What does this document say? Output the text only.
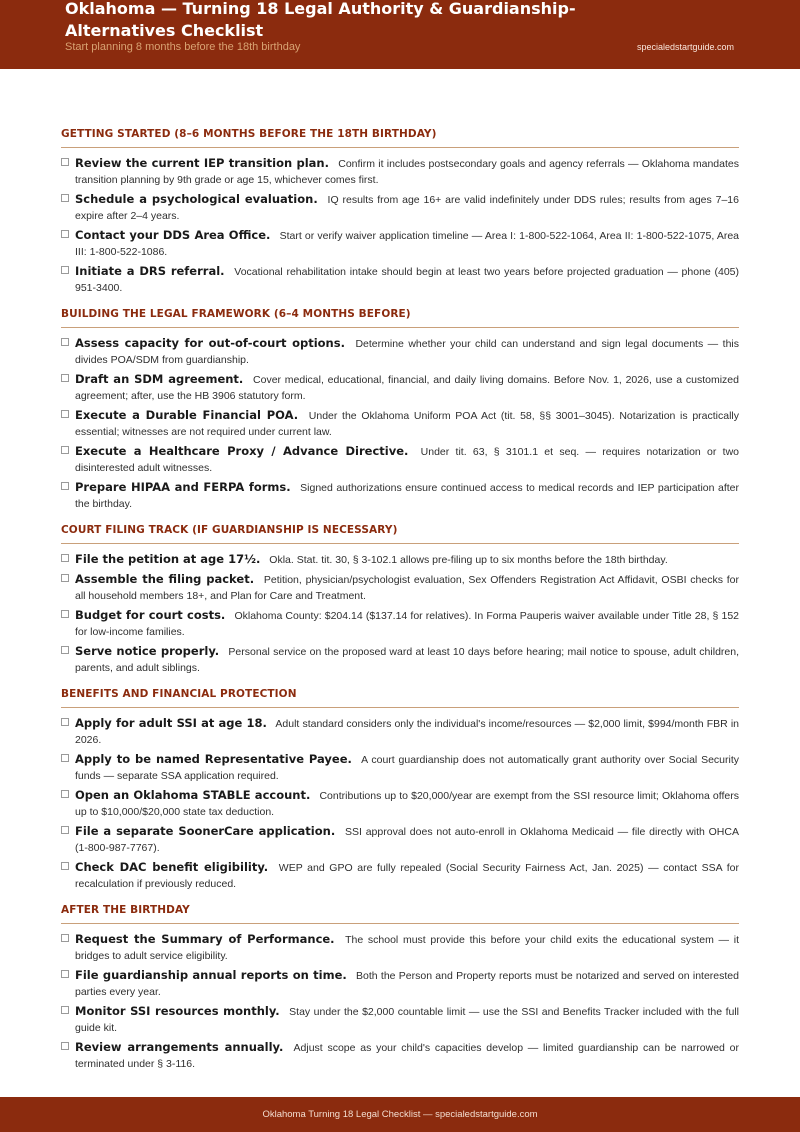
Oklahoma — Turning 18 Legal Authority & Guardianship-Alternatives Checklist
Start planning 8 months before the 18th birthday	specialedstartguide.com
GETTING STARTED (8–6 MONTHS BEFORE THE 18TH BIRTHDAY)
Review the current IEP transition plan. Confirm it includes postsecondary goals and agency referrals — Oklahoma mandates transition planning by 9th grade or age 15, whichever comes first.
Schedule a psychological evaluation. IQ results from age 16+ are valid indefinitely under DDS rules; results from ages 7–16 expire after 2–4 years.
Contact your DDS Area Office. Start or verify waiver application timeline — Area I: 1-800-522-1064, Area II: 1-800-522-1075, Area III: 1-800-522-1086.
Initiate a DRS referral. Vocational rehabilitation intake should begin at least two years before projected graduation — phone (405) 951-3400.
BUILDING THE LEGAL FRAMEWORK (6–4 MONTHS BEFORE)
Assess capacity for out-of-court options. Determine whether your child can understand and sign legal documents — this divides POA/SDM from guardianship.
Draft an SDM agreement. Cover medical, educational, financial, and daily living domains. Before Nov. 1, 2026, use a customized agreement; after, use the HB 3906 statutory form.
Execute a Durable Financial POA. Under the Oklahoma Uniform POA Act (tit. 58, §§ 3001–3045). Notarization is practically essential; witnesses are not required under current law.
Execute a Healthcare Proxy / Advance Directive. Under tit. 63, § 3101.1 et seq. — requires notarization or two disinterested adult witnesses.
Prepare HIPAA and FERPA forms. Signed authorizations ensure continued access to medical records and IEP participation after the birthday.
COURT FILING TRACK (IF GUARDIANSHIP IS NECESSARY)
File the petition at age 17½. Okla. Stat. tit. 30, § 3-102.1 allows pre-filing up to six months before the 18th birthday.
Assemble the filing packet. Petition, physician/psychologist evaluation, Sex Offenders Registration Act Affidavit, OSBI checks for all household members 18+, and Plan for Care and Treatment.
Budget for court costs. Oklahoma County: $204.14 ($137.14 for relatives). In Forma Pauperis waiver available under Title 28, § 152 for low-income families.
Serve notice properly. Personal service on the proposed ward at least 10 days before hearing; mail notice to spouse, adult children, parents, and adult siblings.
BENEFITS AND FINANCIAL PROTECTION
Apply for adult SSI at age 18. Adult standard considers only the individual's income/resources — $2,000 limit, $994/month FBR in 2026.
Apply to be named Representative Payee. A court guardianship does not automatically grant authority over Social Security funds — separate SSA application required.
Open an Oklahoma STABLE account. Contributions up to $20,000/year are exempt from the SSI resource limit; Oklahoma offers up to $10,000/$20,000 state tax deduction.
File a separate SoonerCare application. SSI approval does not auto-enroll in Oklahoma Medicaid — file directly with OHCA (1-800-987-7767).
Check DAC benefit eligibility. WEP and GPO are fully repealed (Social Security Fairness Act, Jan. 2025) — contact SSA for recalculation if previously reduced.
AFTER THE BIRTHDAY
Request the Summary of Performance. The school must provide this before your child exits the educational system — it bridges to adult service eligibility.
File guardianship annual reports on time. Both the Person and Property reports must be notarized and served on interested parties every year.
Monitor SSI resources monthly. Stay under the $2,000 countable limit — use the SSI and Benefits Tracker included with the full guide kit.
Review arrangements annually. Adjust scope as your child's capacities develop — limited guardianship can be narrowed or terminated under § 3-116.
Oklahoma Turning 18 Legal Checklist — specialedstartguide.com
